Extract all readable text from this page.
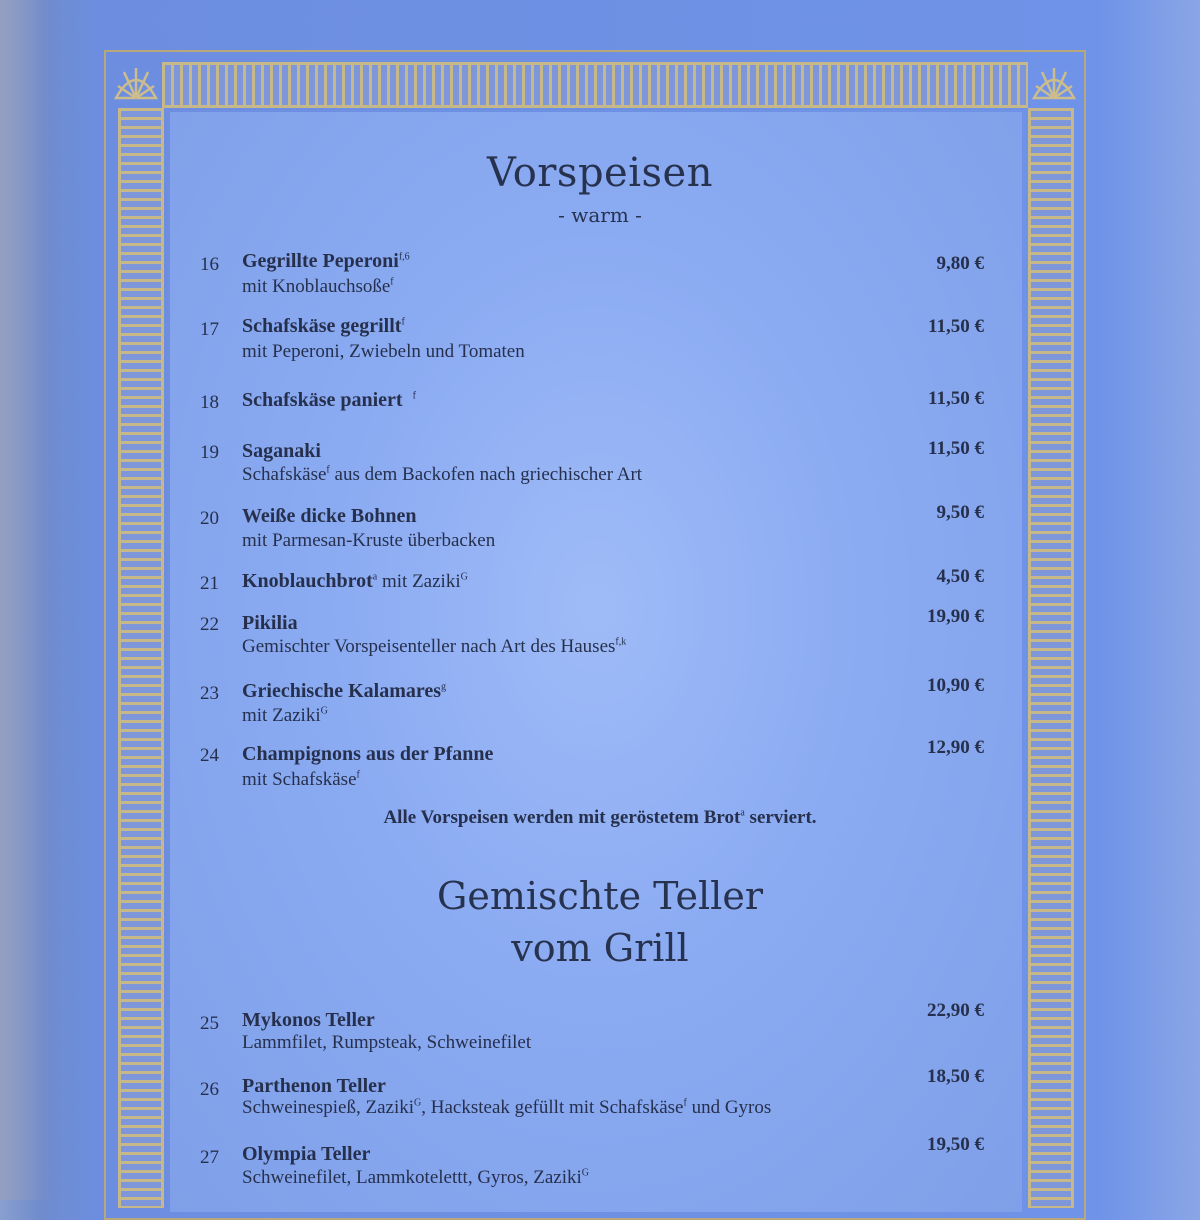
Vorspeisen
- warm -
16 Gegrillte Peperoni$^{f,6}$
mit Knoblauchsoße$^f$
9,80 €
17 Schafskäse gegrillt$^f$
mit Peperoni, Zwiebeln und Tomaten
11,50 €
18 Schafskäse paniert $^f$	11,50 €
19 Saganaki
Schafskäse$^f$ aus dem Backofen nach griechischer Art
11,50 €
20 Weiße dicke Bohnen
mit Parmesan-Kruste überbacken
9,50 €
21 Knoblauchbrot$^a$ mit Zaziki$^G$	4,50 €
22 Pikilia
Gemischter Vorspeisenteller nach Art des Hauses$^{f,k}$
19,90 €
23 Griechische Kalamares$^g$
mit Zaziki$^G$
10,90 €
24 Champignons aus der Pfanne
mit Schafskäse$^f$
12,90 €
Alle Vorspeisen werden mit geröstetem Brot$^a$ serviert.
Gemischte Teller
vom Grill
25 Mykonos Teller
Lammfilet, Rumpsteak, Schweinefilet
22,90 €
26 Parthenon Teller
Schweinespieß, Zaziki$^G$, Hacksteak gefüllt mit Schafskäse$^f$ und Gyros
18,50 €
27 Olympia Teller
Schweinefilet, Lammkotelettt, Gyros, Zaziki$^G$
19,50 €
